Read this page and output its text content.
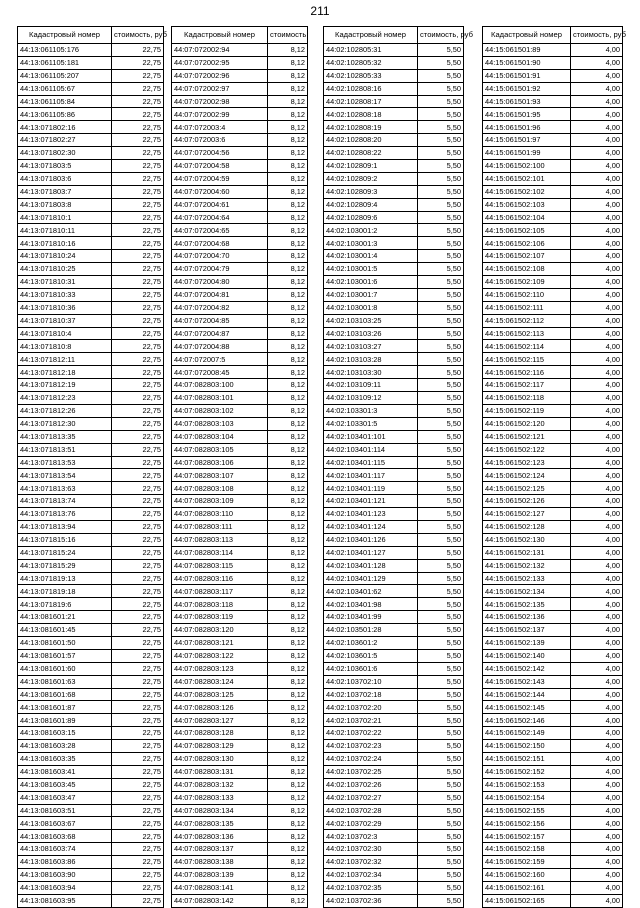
211
Кадастровый номер	стоимость, руб
44:13:061105:176	22,75
44:13:061105:181	22,75
44:13:061105:207	22,75
44:13:061105:67	22,75
44:13:061105:84	22,75
44:13:061105:86	22,75
44:13:071802:16	22,75
44:13:071802:27	22,75
44:13:071802:30	22,75
44:13:071803:5	22,75
44:13:071803:6	22,75
44:13:071803:7	22,75
44:13:071803:8	22,75
44:13:071810:1	22,75
44:13:071810:11	22,75
44:13:071810:16	22,75
44:13:071810:24	22,75
44:13:071810:25	22,75
44:13:071810:31	22,75
44:13:071810:33	22,75
44:13:071810:36	22,75
44:13:071810:37	22,75
44:13:071810:4	22,75
44:13:071810:8	22,75
44:13:071812:11	22,75
44:13:071812:18	22,75
44:13:071812:19	22,75
44:13:071812:23	22,75
44:13:071812:26	22,75
44:13:071812:30	22,75
44:13:071813:35	22,75
44:13:071813:51	22,75
44:13:071813:53	22,75
44:13:071813:54	22,75
44:13:071813:63	22,75
44:13:071813:74	22,75
44:13:071813:76	22,75
44:13:071813:94	22,75
44:13:071815:16	22,75
44:13:071815:24	22,75
44:13:071815:29	22,75
44:13:071819:13	22,75
44:13:071819:18	22,75
44:13:071819:6	22,75
44:13:081601:21	22,75
44:13:081601:45	22,75
44:13:081601:50	22,75
44:13:081601:57	22,75
44:13:081601:60	22,75
44:13:081601:63	22,75
44:13:081601:68	22,75
44:13:081601:87	22,75
44:13:081601:89	22,75
44:13:081603:15	22,75
44:13:081603:28	22,75
44:13:081603:35	22,75
44:13:081603:41	22,75
44:13:081603:45	22,75
44:13:081603:47	22,75
44:13:081603:51	22,75
44:13:081603:67	22,75
44:13:081603:68	22,75
44:13:081603:74	22,75
44:13:081603:86	22,75
44:13:081603:90	22,75
44:13:081603:94	22,75
44:13:081603:95	22,75
Кадастровый номер	стоимость,
44:07:072002:94	8,12
44:07:072002:95	8,12
44:07:072002:96	8,12
44:07:072002:97	8,12
44:07:072002:98	8,12
44:07:072002:99	8,12
44:07:072003:4	8,12
44:07:072003:6	8,12
44:07:072004:56	8,12
44:07:072004:58	8,12
44:07:072004:59	8,12
44:07:072004:60	8,12
44:07:072004:61	8,12
44:07:072004:64	8,12
44:07:072004:65	8,12
44:07:072004:68	8,12
44:07:072004:70	8,12
44:07:072004:79	8,12
44:07:072004:80	8,12
44:07:072004:81	8,12
44:07:072004:82	8,12
44:07:072004:85	8,12
44:07:072004:87	8,12
44:07:072004:88	8,12
44:07:072007:5	8,12
44:07:072008:45	8,12
44:07:082803:100	8,12
44:07:082803:101	8,12
44:07:082803:102	8,12
44:07:082803:103	8,12
44:07:082803:104	8,12
44:07:082803:105	8,12
44:07:082803:106	8,12
44:07:082803:107	8,12
44:07:082803:108	8,12
44:07:082803:109	8,12
44:07:082803:110	8,12
44:07:082803:111	8,12
44:07:082803:113	8,12
44:07:082803:114	8,12
44:07:082803:115	8,12
44:07:082803:116	8,12
44:07:082803:117	8,12
44:07:082803:118	8,12
44:07:082803:119	8,12
44:07:082803:120	8,12
44:07:082803:121	8,12
44:07:082803:122	8,12
44:07:082803:123	8,12
44:07:082803:124	8,12
44:07:082803:125	8,12
44:07:082803:126	8,12
44:07:082803:127	8,12
44:07:082803:128	8,12
44:07:082803:129	8,12
44:07:082803:130	8,12
44:07:082803:131	8,12
44:07:082803:132	8,12
44:07:082803:133	8,12
44:07:082803:134	8,12
44:07:082803:135	8,12
44:07:082803:136	8,12
44:07:082803:137	8,12
44:07:082803:138	8,12
44:07:082803:139	8,12
44:07:082803:141	8,12
44:07:082803:142	8,12
Кадастровый номер	стоимость, руб
44:02:102805:31	5,50
44:02:102805:32	5,50
44:02:102805:33	5,50
44:02:102808:16	5,50
44:02:102808:17	5,50
44:02:102808:18	5,50
44:02:102808:19	5,50
44:02:102808:20	5,50
44:02:102808:22	5,50
44:02:102809:1	5,50
44:02:102809:2	5,50
44:02:102809:3	5,50
44:02:102809:4	5,50
44:02:102809:6	5,50
44:02:103001:2	5,50
44:02:103001:3	5,50
44:02:103001:4	5,50
44:02:103001:5	5,50
44:02:103001:6	5,50
44:02:103001:7	5,50
44:02:103001:8	5,50
44:02:103103:25	5,50
44:02:103103:26	5,50
44:02:103103:27	5,50
44:02:103103:28	5,50
44:02:103103:30	5,50
44:02:103109:11	5,50
44:02:103109:12	5,50
44:02:103301:3	5,50
44:02:103301:5	5,50
44:02:103401:101	5,50
44:02:103401:114	5,50
44:02:103401:115	5,50
44:02:103401:117	5,50
44:02:103401:119	5,50
44:02:103401:121	5,50
44:02:103401:123	5,50
44:02:103401:124	5,50
44:02:103401:126	5,50
44:02:103401:127	5,50
44:02:103401:128	5,50
44:02:103401:129	5,50
44:02:103401:62	5,50
44:02:103401:98	5,50
44:02:103401:99	5,50
44:02:103501:28	5,50
44:02:103601:2	5,50
44:02:103601:5	5,50
44:02:103601:6	5,50
44:02:103702:10	5,50
44:02:103702:18	5,50
44:02:103702:20	5,50
44:02:103702:21	5,50
44:02:103702:22	5,50
44:02:103702:23	5,50
44:02:103702:24	5,50
44:02:103702:25	5,50
44:02:103702:26	5,50
44:02:103702:27	5,50
44:02:103702:28	5,50
44:02:103702:29	5,50
44:02:103702:3	5,50
44:02:103702:30	5,50
44:02:103702:32	5,50
44:02:103702:34	5,50
44:02:103702:35	5,50
44:02:103702:36	5,50
Кадастровый номер	стоимость, руб
44:15:061501:89	4,00
44:15:061501:90	4,00
44:15:061501:91	4,00
44:15:061501:92	4,00
44:15:061501:93	4,00
44:15:061501:95	4,00
44:15:061501:96	4,00
44:15:061501:97	4,00
44:15:061501:99	4,00
44:15:061502:100	4,00
44:15:061502:101	4,00
44:15:061502:102	4,00
44:15:061502:103	4,00
44:15:061502:104	4,00
44:15:061502:105	4,00
44:15:061502:106	4,00
44:15:061502:107	4,00
44:15:061502:108	4,00
44:15:061502:109	4,00
44:15:061502:110	4,00
44:15:061502:111	4,00
44:15:061502:112	4,00
44:15:061502:113	4,00
44:15:061502:114	4,00
44:15:061502:115	4,00
44:15:061502:116	4,00
44:15:061502:117	4,00
44:15:061502:118	4,00
44:15:061502:119	4,00
44:15:061502:120	4,00
44:15:061502:121	4,00
44:15:061502:122	4,00
44:15:061502:123	4,00
44:15:061502:124	4,00
44:15:061502:125	4,00
44:15:061502:126	4,00
44:15:061502:127	4,00
44:15:061502:128	4,00
44:15:061502:130	4,00
44:15:061502:131	4,00
44:15:061502:132	4,00
44:15:061502:133	4,00
44:15:061502:134	4,00
44:15:061502:135	4,00
44:15:061502:136	4,00
44:15:061502:137	4,00
44:15:061502:139	4,00
44:15:061502:140	4,00
44:15:061502:142	4,00
44:15:061502:143	4,00
44:15:061502:144	4,00
44:15:061502:145	4,00
44:15:061502:146	4,00
44:15:061502:149	4,00
44:15:061502:150	4,00
44:15:061502:151	4,00
44:15:061502:152	4,00
44:15:061502:153	4,00
44:15:061502:154	4,00
44:15:061502:155	4,00
44:15:061502:156	4,00
44:15:061502:157	4,00
44:15:061502:158	4,00
44:15:061502:159	4,00
44:15:061502:160	4,00
44:15:061502:161	4,00
44:15:061502:165	4,00
